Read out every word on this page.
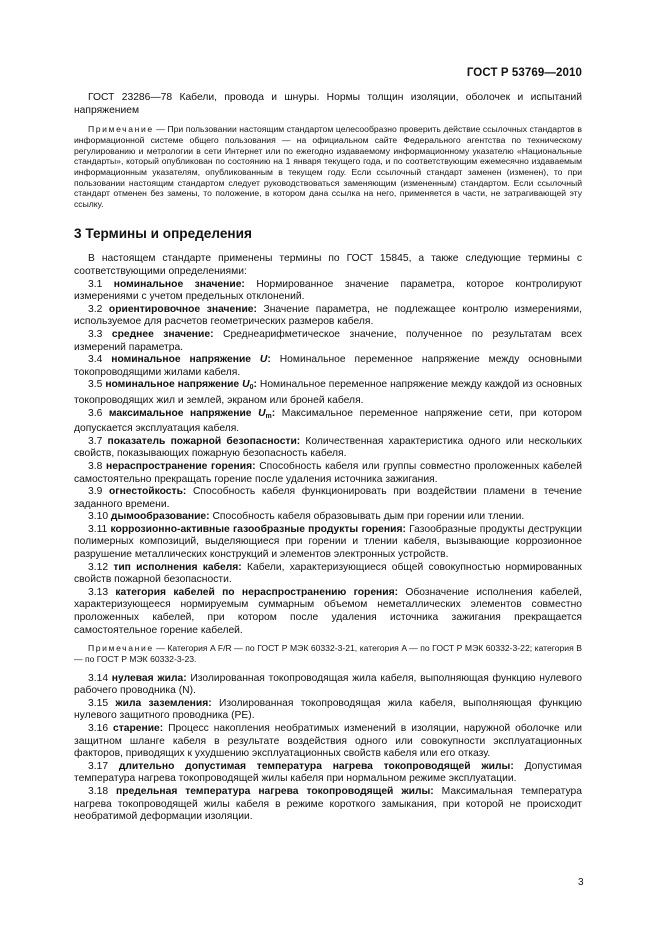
ГОСТ Р 53769—2010

ГОСТ 23286—78 Кабели, провода и шнуры. Нормы толщин изоляции, оболочек и испытаний напряжением

Примечание — При пользовании настоящим стандартом целесообразно проверить действие ссылочных стандартов в информационной системе общего пользования — на официальном сайте Федерального агентства по техническому регулированию и метрологии в сети Интернет или по ежегодно издаваемому информационному указателю «Национальные стандарты», который опубликован по состоянию на 1 января текущего года, и по соответствующим ежемесячно издаваемым информационным указателям, опубликованным в текущем году. Если ссылочный стандарт заменен (изменен), то при пользовании настоящим стандартом следует руководствоваться заменяющим (измененным) стандартом. Если ссылочный стандарт отменен без замены, то положение, в котором дана ссылка на него, применяется в части, не затрагивающей эту ссылку.

3 Термины и определения

В настоящем стандарте применены термины по ГОСТ 15845, а также следующие термины с соответствующими определениями:

3.1 номинальное значение: Нормированное значение параметра, которое контролируют измерениями с учетом предельных отклонений.

3.2 ориентировочное значение: Значение параметра, не подлежащее контролю измерениями, используемое для расчетов геометрических размеров кабеля.

3.3 среднее значение: Среднеарифметическое значение, полученное по результатам всех измерений параметра.

3.4 номинальное напряжение U: Номинальное переменное напряжение между основными токопроводящими жилами кабеля.

3.5 номинальное напряжение $U_0$: Номинальное переменное напряжение между каждой из основных токопроводящих жил и землей, экраном или броней кабеля.

3.6 максимальное напряжение $U_m$: Максимальное переменное напряжение сети, при котором допускается эксплуатация кабеля.

3.7 показатель пожарной безопасности: Количественная характеристика одного или нескольких свойств, показывающих пожарную безопасность кабеля.

3.8 нераспространение горения: Способность кабеля или группы совместно проложенных кабелей самостоятельно прекращать горение после удаления источника зажигания.

3.9 огнестойкость: Способность кабеля функционировать при воздействии пламени в течение заданного времени.

3.10 дымообразование: Способность кабеля образовывать дым при горении или тлении.

3.11 коррозионно-активные газообразные продукты горения: Газообразные продукты деструкции полимерных композиций, выделяющиеся при горении и тлении кабеля, вызывающие коррозионное разрушение металлических конструкций и элементов электронных устройств.

3.12 тип исполнения кабеля: Кабели, характеризующиеся общей совокупностью нормированных свойств пожарной безопасности.

3.13 категория кабелей по нераспространению горения: Обозначение исполнения кабелей, характеризующееся нормируемым суммарным объемом неметаллических элементов совместно проложенных кабелей, при котором после удаления источника зажигания прекращается самостоятельное горение кабелей.

Примечание — Категория A F/R — по ГОСТ Р МЭК 60332-3-21, категория A — по ГОСТ Р МЭК 60332-3-22; категория B — по ГОСТ Р МЭК 60332-3-23.

3.14 нулевая жила: Изолированная токопроводящая жила кабеля, выполняющая функцию нулевого рабочего проводника (N).

3.15 жила заземления: Изолированная токопроводящая жила кабеля, выполняющая функцию нулевого защитного проводника (PE).

3.16 старение: Процесс накопления необратимых изменений в изоляции, наружной оболочке или защитном шланге кабеля в результате воздействия одного или совокупности эксплуатационных факторов, приводящих к ухудшению эксплуатационных свойств кабеля или его отказу.

3.17 длительно допустимая температура нагрева токопроводящей жилы: Допустимая температура нагрева токопроводящей жилы кабеля при нормальном режиме эксплуатации.

3.18 предельная температура нагрева токопроводящей жилы: Максимальная температура нагрева токопроводящей жилы кабеля в режиме короткого замыкания, при которой не происходит необратимой деформации изоляции.

3
